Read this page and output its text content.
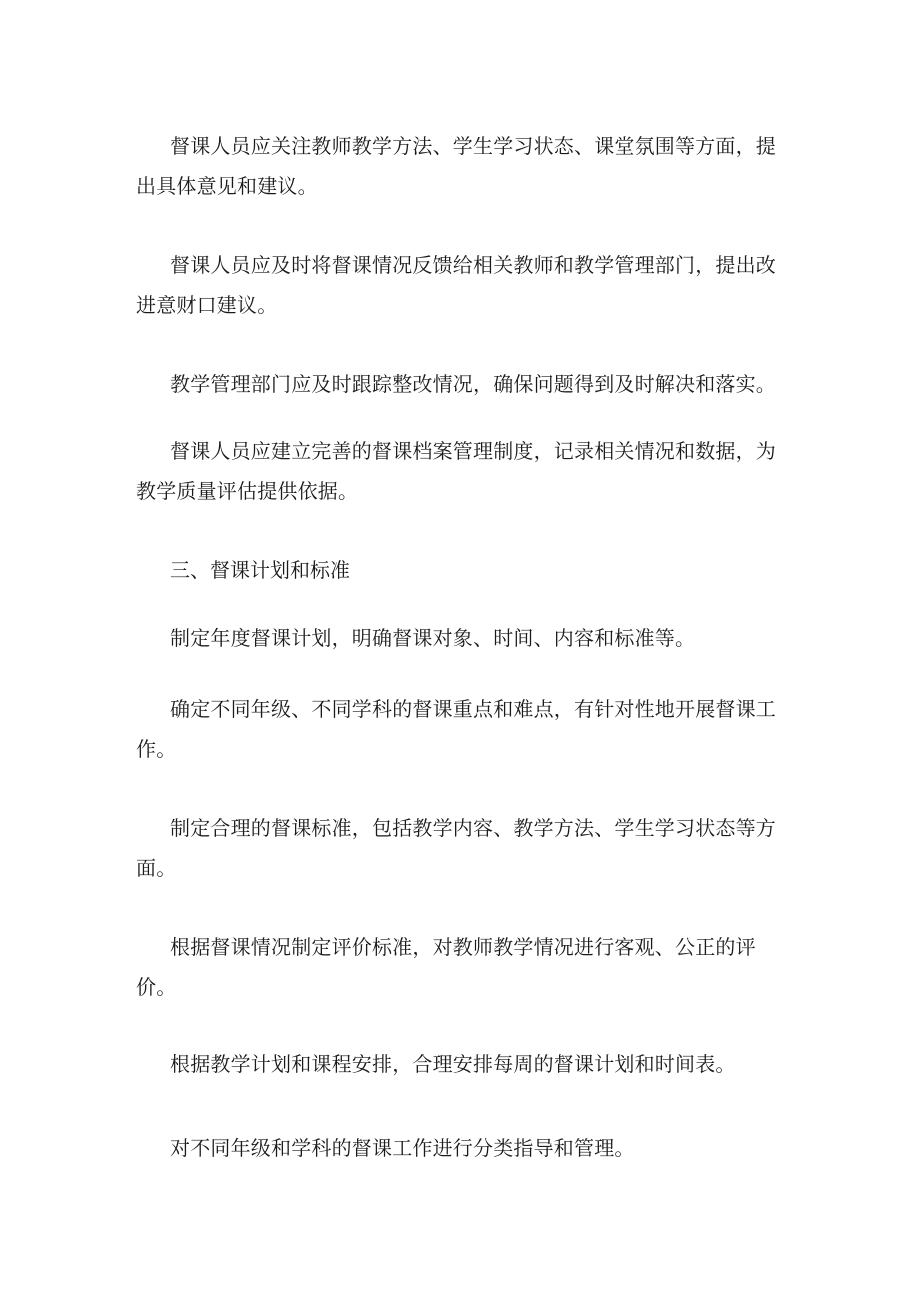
督课人员应关注教师教学方法、学生学习状态、课堂氛围等方面，提出具体意见和建议。

督课人员应及时将督课情况反馈给相关教师和教学管理部门，提出改进意财口建议。

教学管理部门应及时跟踪整改情况，确保问题得到及时解决和落实。

督课人员应建立完善的督课档案管理制度，记录相关情况和数据，为教学质量评估提供依据。

三、督课计划和标准

制定年度督课计划，明确督课对象、时间、内容和标准等。

确定不同年级、不同学科的督课重点和难点，有针对性地开展督课工作。

制定合理的督课标准，包括教学内容、教学方法、学生学习状态等方面。

根据督课情况制定评价标准，对教师教学情况进行客观、公正的评价。

根据教学计划和课程安排，合理安排每周的督课计划和时间表。

对不同年级和学科的督课工作进行分类指导和管理。
